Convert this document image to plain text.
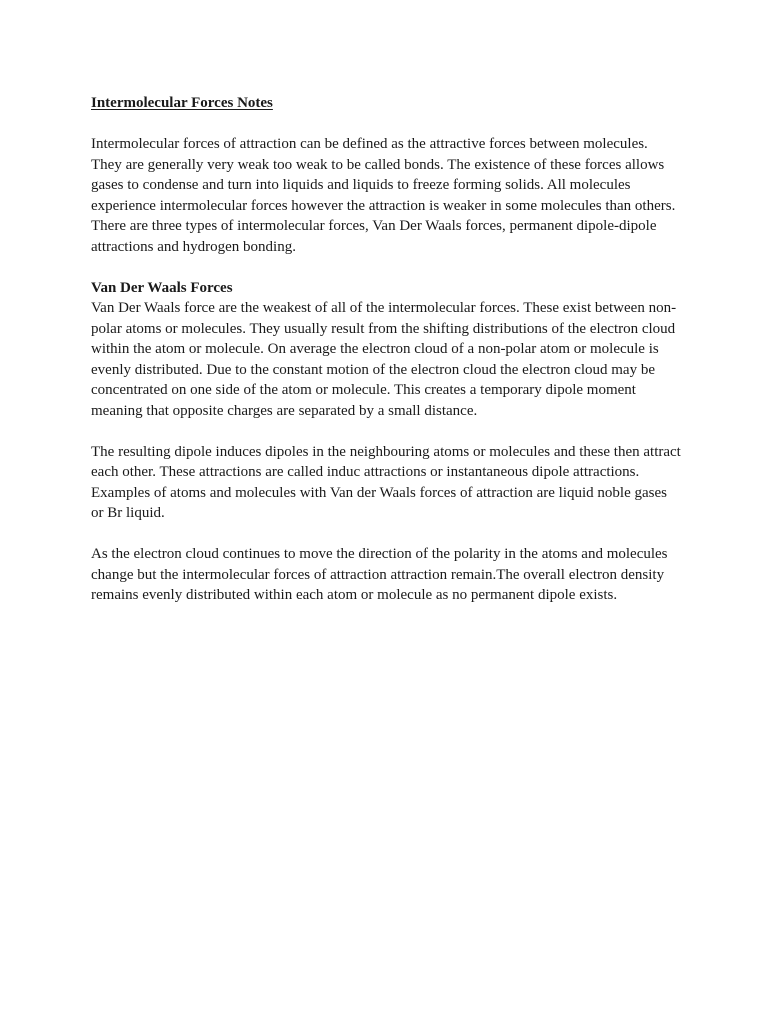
Intermolecular Forces Notes

Intermolecular forces of attraction can be defined as the attractive forces between molecules. They are generally very weak too weak to be called bonds. The existence of these forces allows gases to condense and turn into liquids and liquids to freeze forming solids. All molecules experience intermolecular forces however the attraction is weaker in some molecules than others. There are three types of intermolecular forces, Van Der Waals forces, permanent dipole-dipole attractions and hydrogen bonding.

Van Der Waals Forces

Van Der Waals force are the weakest of all of the intermolecular forces. These exist between non-polar atoms or molecules. They usually result from the shifting distributions of the electron cloud within the atom or molecule. On average the electron cloud of a non-polar atom or molecule is evenly distributed. Due to the constant motion of the electron cloud the electron cloud may be concentrated on one side of the atom or molecule. This creates a temporary dipole moment meaning that opposite charges are separated by a small distance.

The resulting dipole induces dipoles in the neighbouring atoms or molecules and these then attract each other. These attractions are called induc attractions or instantaneous dipole attractions. Examples of atoms and molecules with Van der Waals forces of attraction are liquid noble gases or Br liquid.

As the electron cloud continues to move the direction of the polarity in the atoms and molecules change but the intermolecular forces of attraction attraction remain.The overall electron density remains evenly distributed within each atom or molecule as no permanent dipole exists.
